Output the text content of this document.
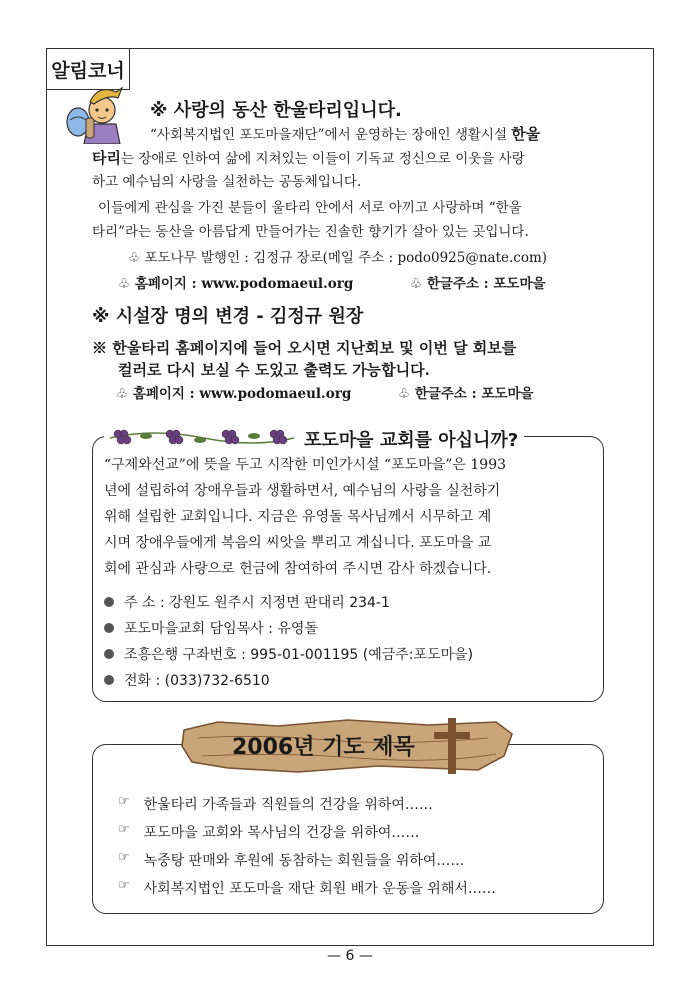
알림코너
※ 사랑의 동산 한울타리입니다.
“사회복지법인 포도마을재단”에서 운영하는 장애인 생활시설 한울
타리는 장애로 인하여 삶에 지쳐있는 이들이 기독교 정신으로 이웃을 사랑
하고 예수님의 사랑을 실천하는 공동체입니다.
이들에게 관심을 가진 분들이 울타리 안에서 서로 아끼고 사랑하며 “한울
타리”라는 동산을 아름답게 만들어가는 진솔한 향기가 살아 있는 곳입니다.
♧ 포도나무 발행인 : 김정규 장로(메일 주소 : podo0925@nate.com)
♧ 홈페이지 : www.podomaeul.org	♧ 한글주소 : 포도마을
※ 시설장 명의 변경 - 김정규 원장
※ 한울타리 홈페이지에 들어 오시면 지난회보 및 이번 달 회보를
컬러로 다시 보실 수 도있고 출력도 가능합니다.
♧ 홈페이지 : www.podomaeul.org	♧ 한글주소 : 포도마을
포도마을 교회를 아십니까?
“구제와선교”에 뜻을 두고 시작한 미인가시설 “포도마을”은 1993
년에 설립하여 장애우들과 생활하면서, 예수님의 사랑을 실천하기
위해 설립한 교회입니다. 지금은 유영돌 목사님께서 시무하고 계
시며 장애우들에게 복음의 씨앗을 뿌리고 계십니다. 포도마을 교
회에 관심과 사랑으로 헌금에 참여하여 주시면 감사 하겠습니다.
주 소 : 강원도 원주시 지정면 판대리 234-1
포도마을교회 담임목사 : 유영돌
조흥은행 구좌번호 : 995-01-001195 (예금주:포도마을)
전화 : (033)732-6510
2006년 기도 제목
☞ 한울타리 가족들과 직원들의 건강을 위하여……
☞ 포도마을 교회와 목사님의 건강을 위하여……
☞ 녹중탕 판매와 후원에 동참하는 회원들을 위하여……
☞ 사회복지법인 포도마을 재단 회원 배가 운동을 위해서……
— 6 —
